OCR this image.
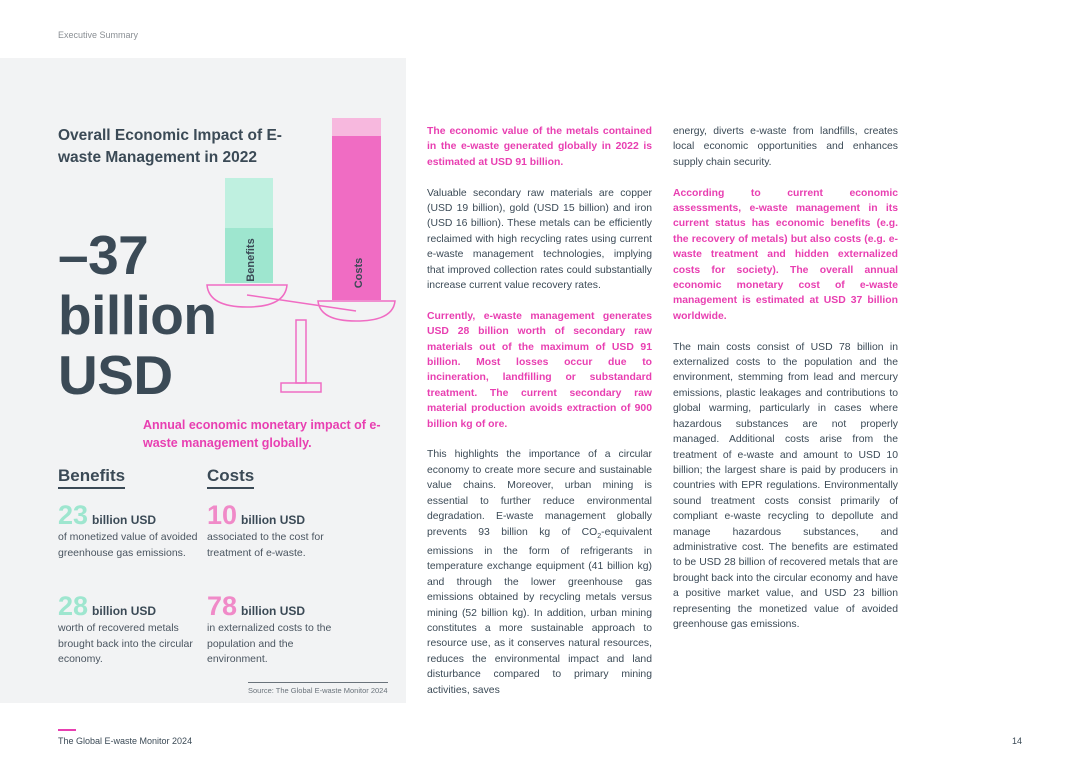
Executive Summary
Overall Economic Impact of E-waste Management in 2022
Benefits	Costs
–37
billion
USD
Annual economic monetary impact of e-waste management globally.
Benefits
23 billion USD
of monetized value of avoided greenhouse gas emissions.
28 billion USD
worth of recovered metals brought back into the circular economy.
Costs
10 billion USD
associated to the cost for treatment of e-waste.
78 billion USD
in externalized costs to the population and the environment.
Source: The Global E-waste Monitor 2024

The economic value of the metals contained in the e-waste generated globally in 2022 is estimated at USD 91 billion.

Valuable secondary raw materials are copper (USD 19 billion), gold (USD 15 billion) and iron (USD 16 billion). These metals can be efficiently reclaimed with high recycling rates using current e-waste management technologies, implying that improved collection rates could substantially increase current value recovery rates.

Currently, e-waste management generates USD 28 billion worth of secondary raw materials out of the maximum of USD 91 billion. Most losses occur due to incineration, landfilling or substandard treatment. The current secondary raw material production avoids extraction of 900 billion kg of ore.

This highlights the importance of a circular economy to create more secure and sustainable value chains. Moreover, urban mining is essential to further reduce environmental degradation. E-waste management globally prevents 93 billion kg of $CO_2$-equivalent emissions in the form of refrigerants in temperature exchange equipment (41 billion kg) and through the lower greenhouse gas emissions obtained by recycling metals versus mining (52 billion kg). In addition, urban mining constitutes a more sustainable approach to resource use, as it conserves natural resources, reduces the environmental impact and land disturbance compared to primary mining activities, saves

energy, diverts e-waste from landfills, creates local economic opportunities and enhances supply chain security.

According to current economic assessments, e-waste management in its current status has economic benefits (e.g. the recovery of metals) but also costs (e.g. e-waste treatment and hidden externalized costs for society). The overall annual economic monetary cost of e-waste management is estimated at USD 37 billion worldwide.

The main costs consist of USD 78 billion in externalized costs to the population and the environment, stemming from lead and mercury emissions, plastic leakages and contributions to global warming, particularly in cases where hazardous substances are not properly managed. Additional costs arise from the treatment of e-waste and amount to USD 10 billion; the largest share is paid by producers in countries with EPR regulations. Environmentally sound treatment costs consist primarily of compliant e-waste recycling to depollute and manage hazardous substances, and administrative cost. The benefits are estimated to be USD 28 billion of recovered metals that are brought back into the circular economy and have a positive market value, and USD 23 billion representing the monetized value of avoided greenhouse gas emissions.

The Global E-waste Monitor 2024	14
